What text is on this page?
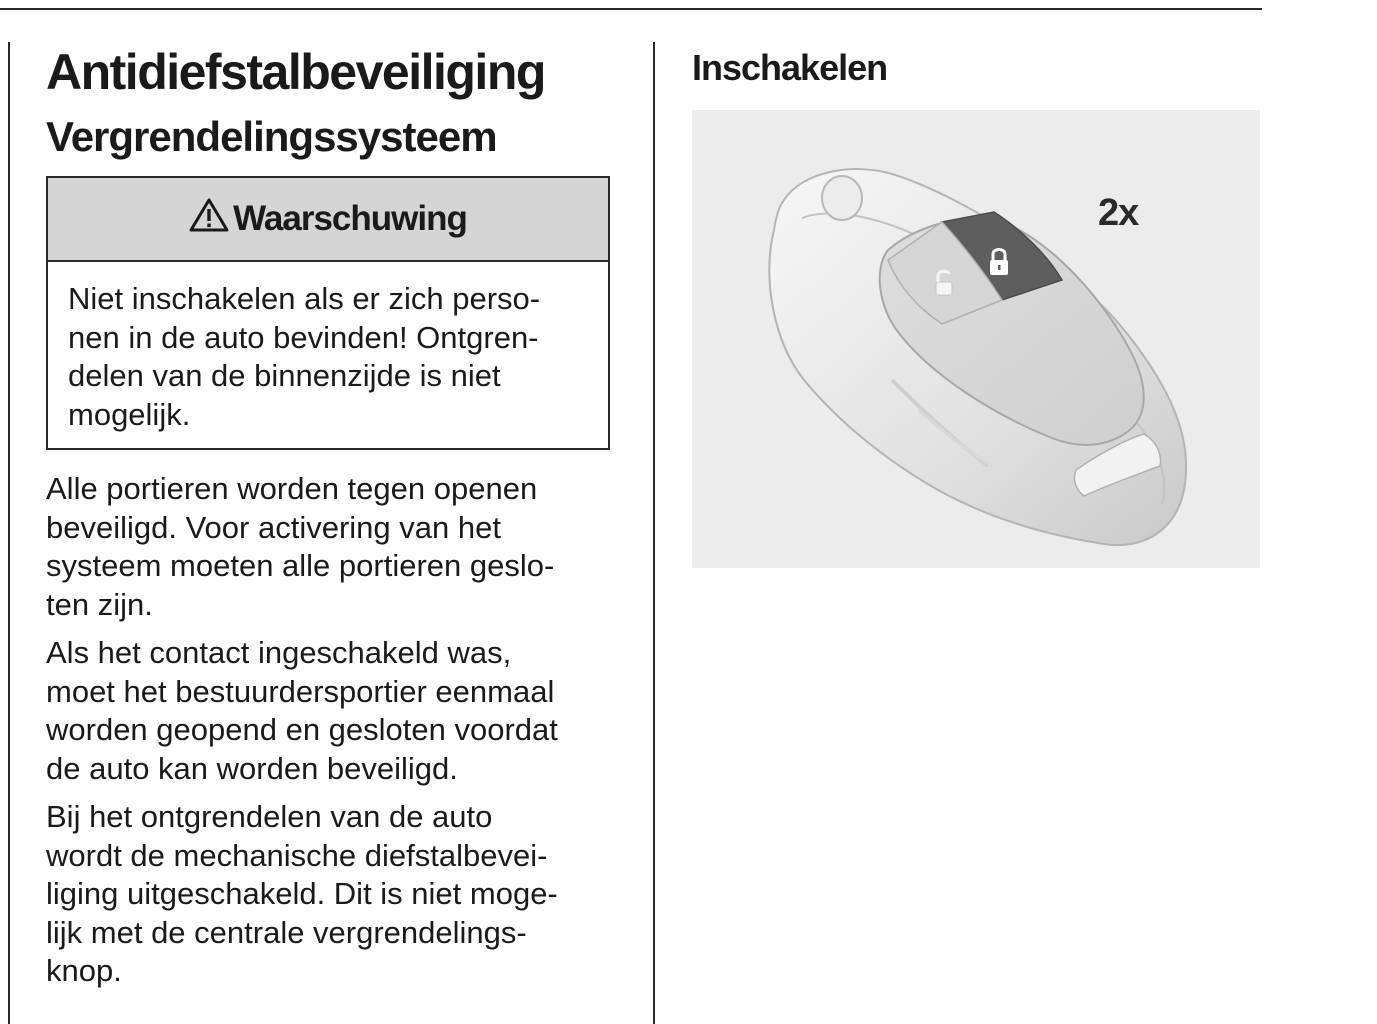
Antidiefstalbeveiliging
Vergrendelingssysteem
Waarschuwing
Niet inschakelen als er zich perso-
nen in de auto bevinden! Ontgren-
delen van de binnenzijde is niet
mogelijk.
Alle portieren worden tegen openen
beveiligd. Voor activering van het
systeem moeten alle portieren geslo-
ten zijn.
Als het contact ingeschakeld was,
moet het bestuurdersportier eenmaal
worden geopend en gesloten voordat
de auto kan worden beveiligd.
Bij het ontgrendelen van de auto
wordt de mechanische diefstalbevei-
liging uitgeschakeld. Dit is niet moge-
lijk met de centrale vergrendelings-
knop.
Inschakelen
2x
